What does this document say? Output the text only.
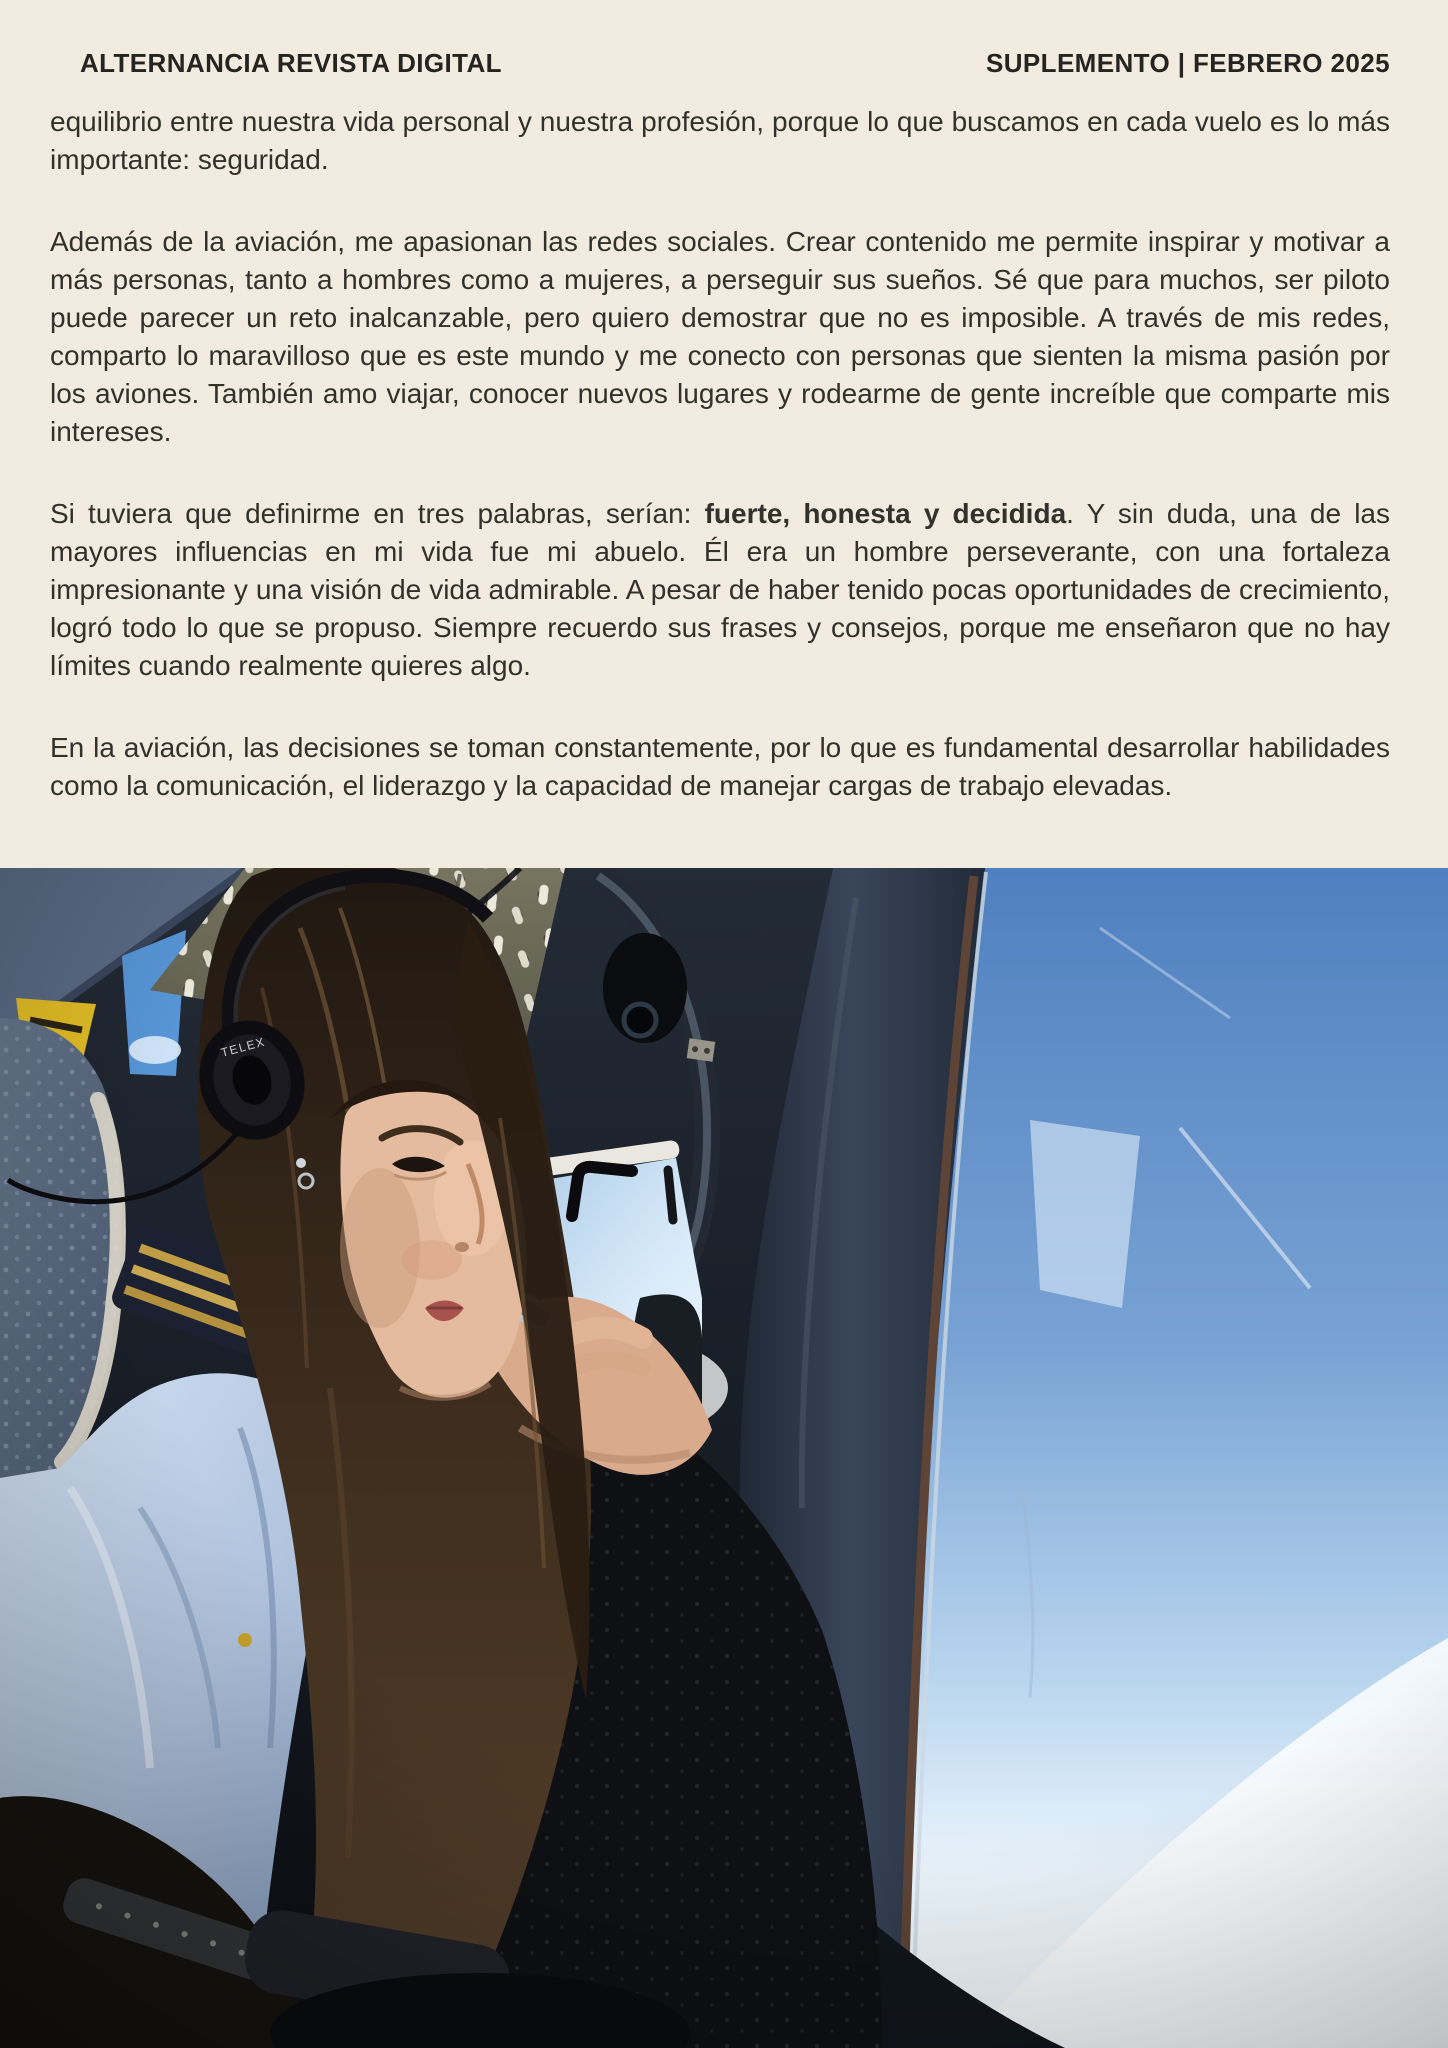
ALTERNANCIA REVISTA DIGITAL	SUPLEMENTO | FEBRERO 2025

equilibrio entre nuestra vida personal y nuestra profesión, porque lo que buscamos en cada vuelo es lo más importante: seguridad.

Además de la aviación, me apasionan las redes sociales. Crear contenido me permite inspirar y motivar a más personas, tanto a hombres como a mujeres, a perseguir sus sueños. Sé que para muchos, ser piloto puede parecer un reto inalcanzable, pero quiero demostrar que no es imposible. A través de mis redes, comparto lo maravilloso que es este mundo y me conecto con personas que sienten la misma pasión por los aviones. También amo viajar, conocer nuevos lugares y rodearme de gente increíble que comparte mis intereses.

Si tuviera que definirme en tres palabras, serían: fuerte, honesta y decidida. Y sin duda, una de las mayores influencias en mi vida fue mi abuelo. Él era un hombre perseverante, con una fortaleza impresionante y una visión de vida admirable. A pesar de haber tenido pocas oportunidades de crecimiento, logró todo lo que se propuso. Siempre recuerdo sus frases y consejos, porque me enseñaron que no hay límites cuando realmente quieres algo.

En la aviación, las decisiones se toman constantemente, por lo que es fundamental desarrollar habilidades como la comunicación, el liderazgo y la capacidad de manejar cargas de trabajo elevadas.
